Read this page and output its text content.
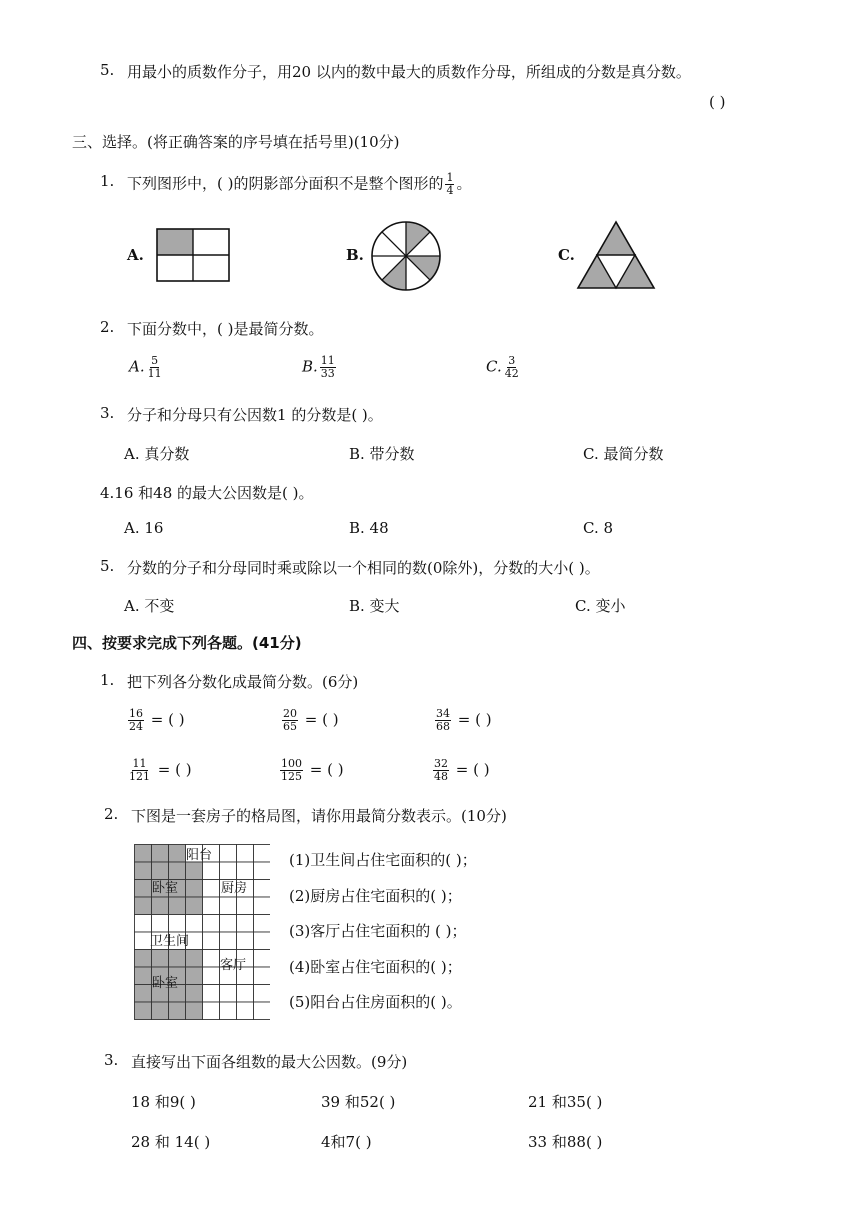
5. 用最小的质数作分子，用20 以内的数中最大的质数作分母，所组成的分数是真分数。
( )
三、选择。(将正确答案的序号填在括号里)(10分)
1. 下列图形中，( )的阴影部分面积不是整个图形的 $\frac{1}{4}$ 。
A.	B.	C.
2. 下面分数中，( )是最简分数。
A. $\frac{5}{11}$	B. $\frac{11}{33}$	C. $\frac{3}{42}$
3. 分子和分母只有公因数1 的分数是( )。
A. 真分数	B. 带分数	C. 最简分数
4.16 和48 的最大公因数是( )。
A. 16	B. 48	C. 8
5. 分数的分子和分母同时乘或除以一个相同的数(0除外)，分数的大小( )。
A. 不变	B. 变大	C. 变小
四、按要求完成下列各题。(41分)
1. 把下列各分数化成最简分数。(6分)
$\frac{16}{24}$ = ( )	$\frac{20}{65}$ = ( )	$\frac{34}{68}$ = ( )
$\frac{11}{121}$ = ( )	$\frac{100}{125}$ = ( )	$\frac{32}{48}$ = ( )
2. 下图是一套房子的格局图，请你用最简分数表示。(10分)
阳台
卧室	厨房
卫生间
客厅
卧室
(1)卫生间占住宅面积的( )；
(2)厨房占住宅面积的( )；
(3)客厅占住宅面积的 ( )；
(4)卧室占住宅面积的( )；
(5)阳台占住房面积的( )。
3. 直接写出下面各组数的最大公因数。(9分)
18 和9( )	39 和52( )	21 和35( )
28 和 14( )	4和7( )	33 和88( )
